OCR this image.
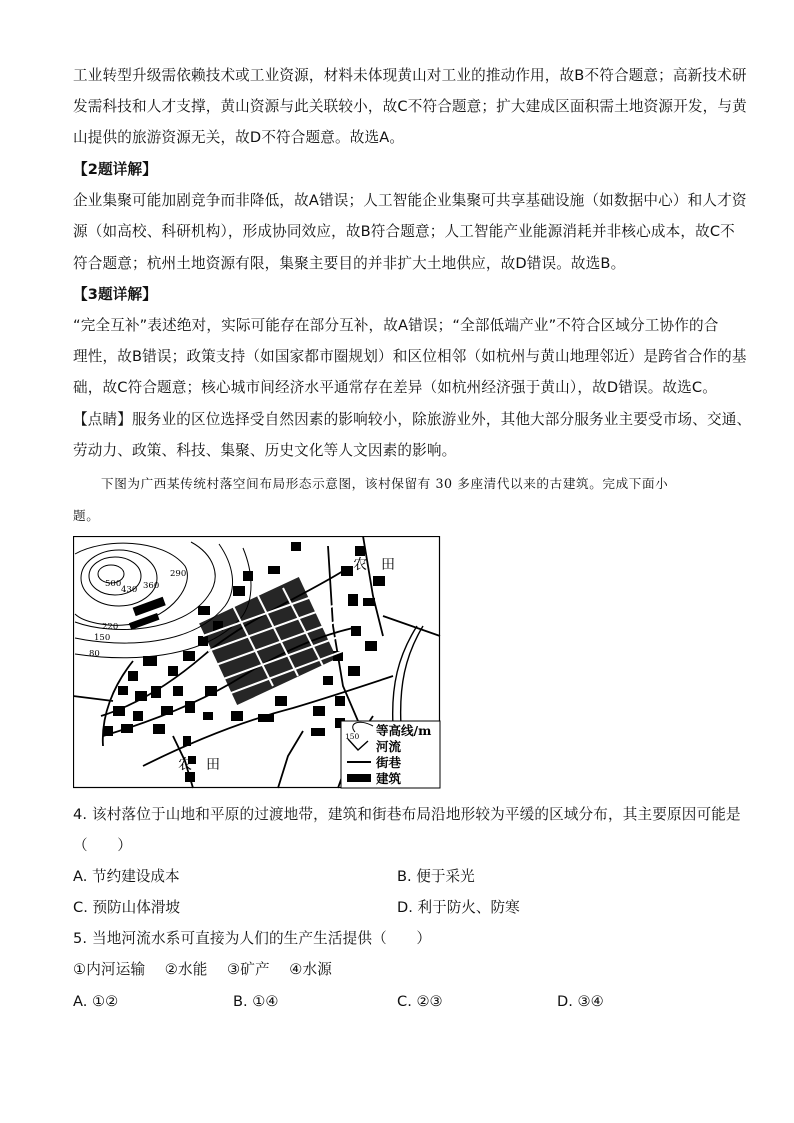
工业转型升级需依赖技术或工业资源，材料未体现黄山对工业的推动作用，故B不符合题意；高新技术研
发需科技和人才支撑，黄山资源与此关联较小，故C不符合题意；扩大建成区面积需土地资源开发，与黄
山提供的旅游资源无关，故D不符合题意。故选A。
【2题详解】
企业集聚可能加剧竞争而非降低，故A错误；人工智能企业集聚可共享基础设施（如数据中心）和人才资
源（如高校、科研机构），形成协同效应，故B符合题意；人工智能产业能源消耗并非核心成本，故C不
符合题意；杭州土地资源有限，集聚主要目的并非扩大土地供应，故D错误。故选B。
【3题详解】
“完全互补”表述绝对，实际可能存在部分互补，故A错误；“全部低端产业”不符合区域分工协作的合
理性，故B错误；政策支持（如国家都市圈规划）和区位相邻（如杭州与黄山地理邻近）是跨省合作的基
础，故C符合题意；核心城市间经济水平通常存在差异（如杭州经济强于黄山），故D错误。故选C。
【点睛】服务业的区位选择受自然因素的影响较小，除旅游业外，其他大部分服务业主要受市场、交通、
劳动力、政策、科技、集聚、历史文化等人文因素的影响。
下图为广西某传统村落空间布局形态示意图，该村保留有 30 多座清代以来的古建筑。完成下面小
题。
500
430 360
290
220
150
80
农　田
农　田
150 等高线/m
河流
街巷
建筑
4. 该村落位于山地和平原的过渡地带，建筑和街巷布局沿地形较为平缓的区域分布，其主要原因可能是
（　　）
A. 节约建设成本	B. 便于采光
C. 预防山体滑坡	D. 利于防火、防寒
5. 当地河流水系可直接为人们的生产生活提供（　　）
①内河运输　 ②水能　 ③矿产　 ④水源
A. ①②	B. ①④	C. ②③	D. ③④
